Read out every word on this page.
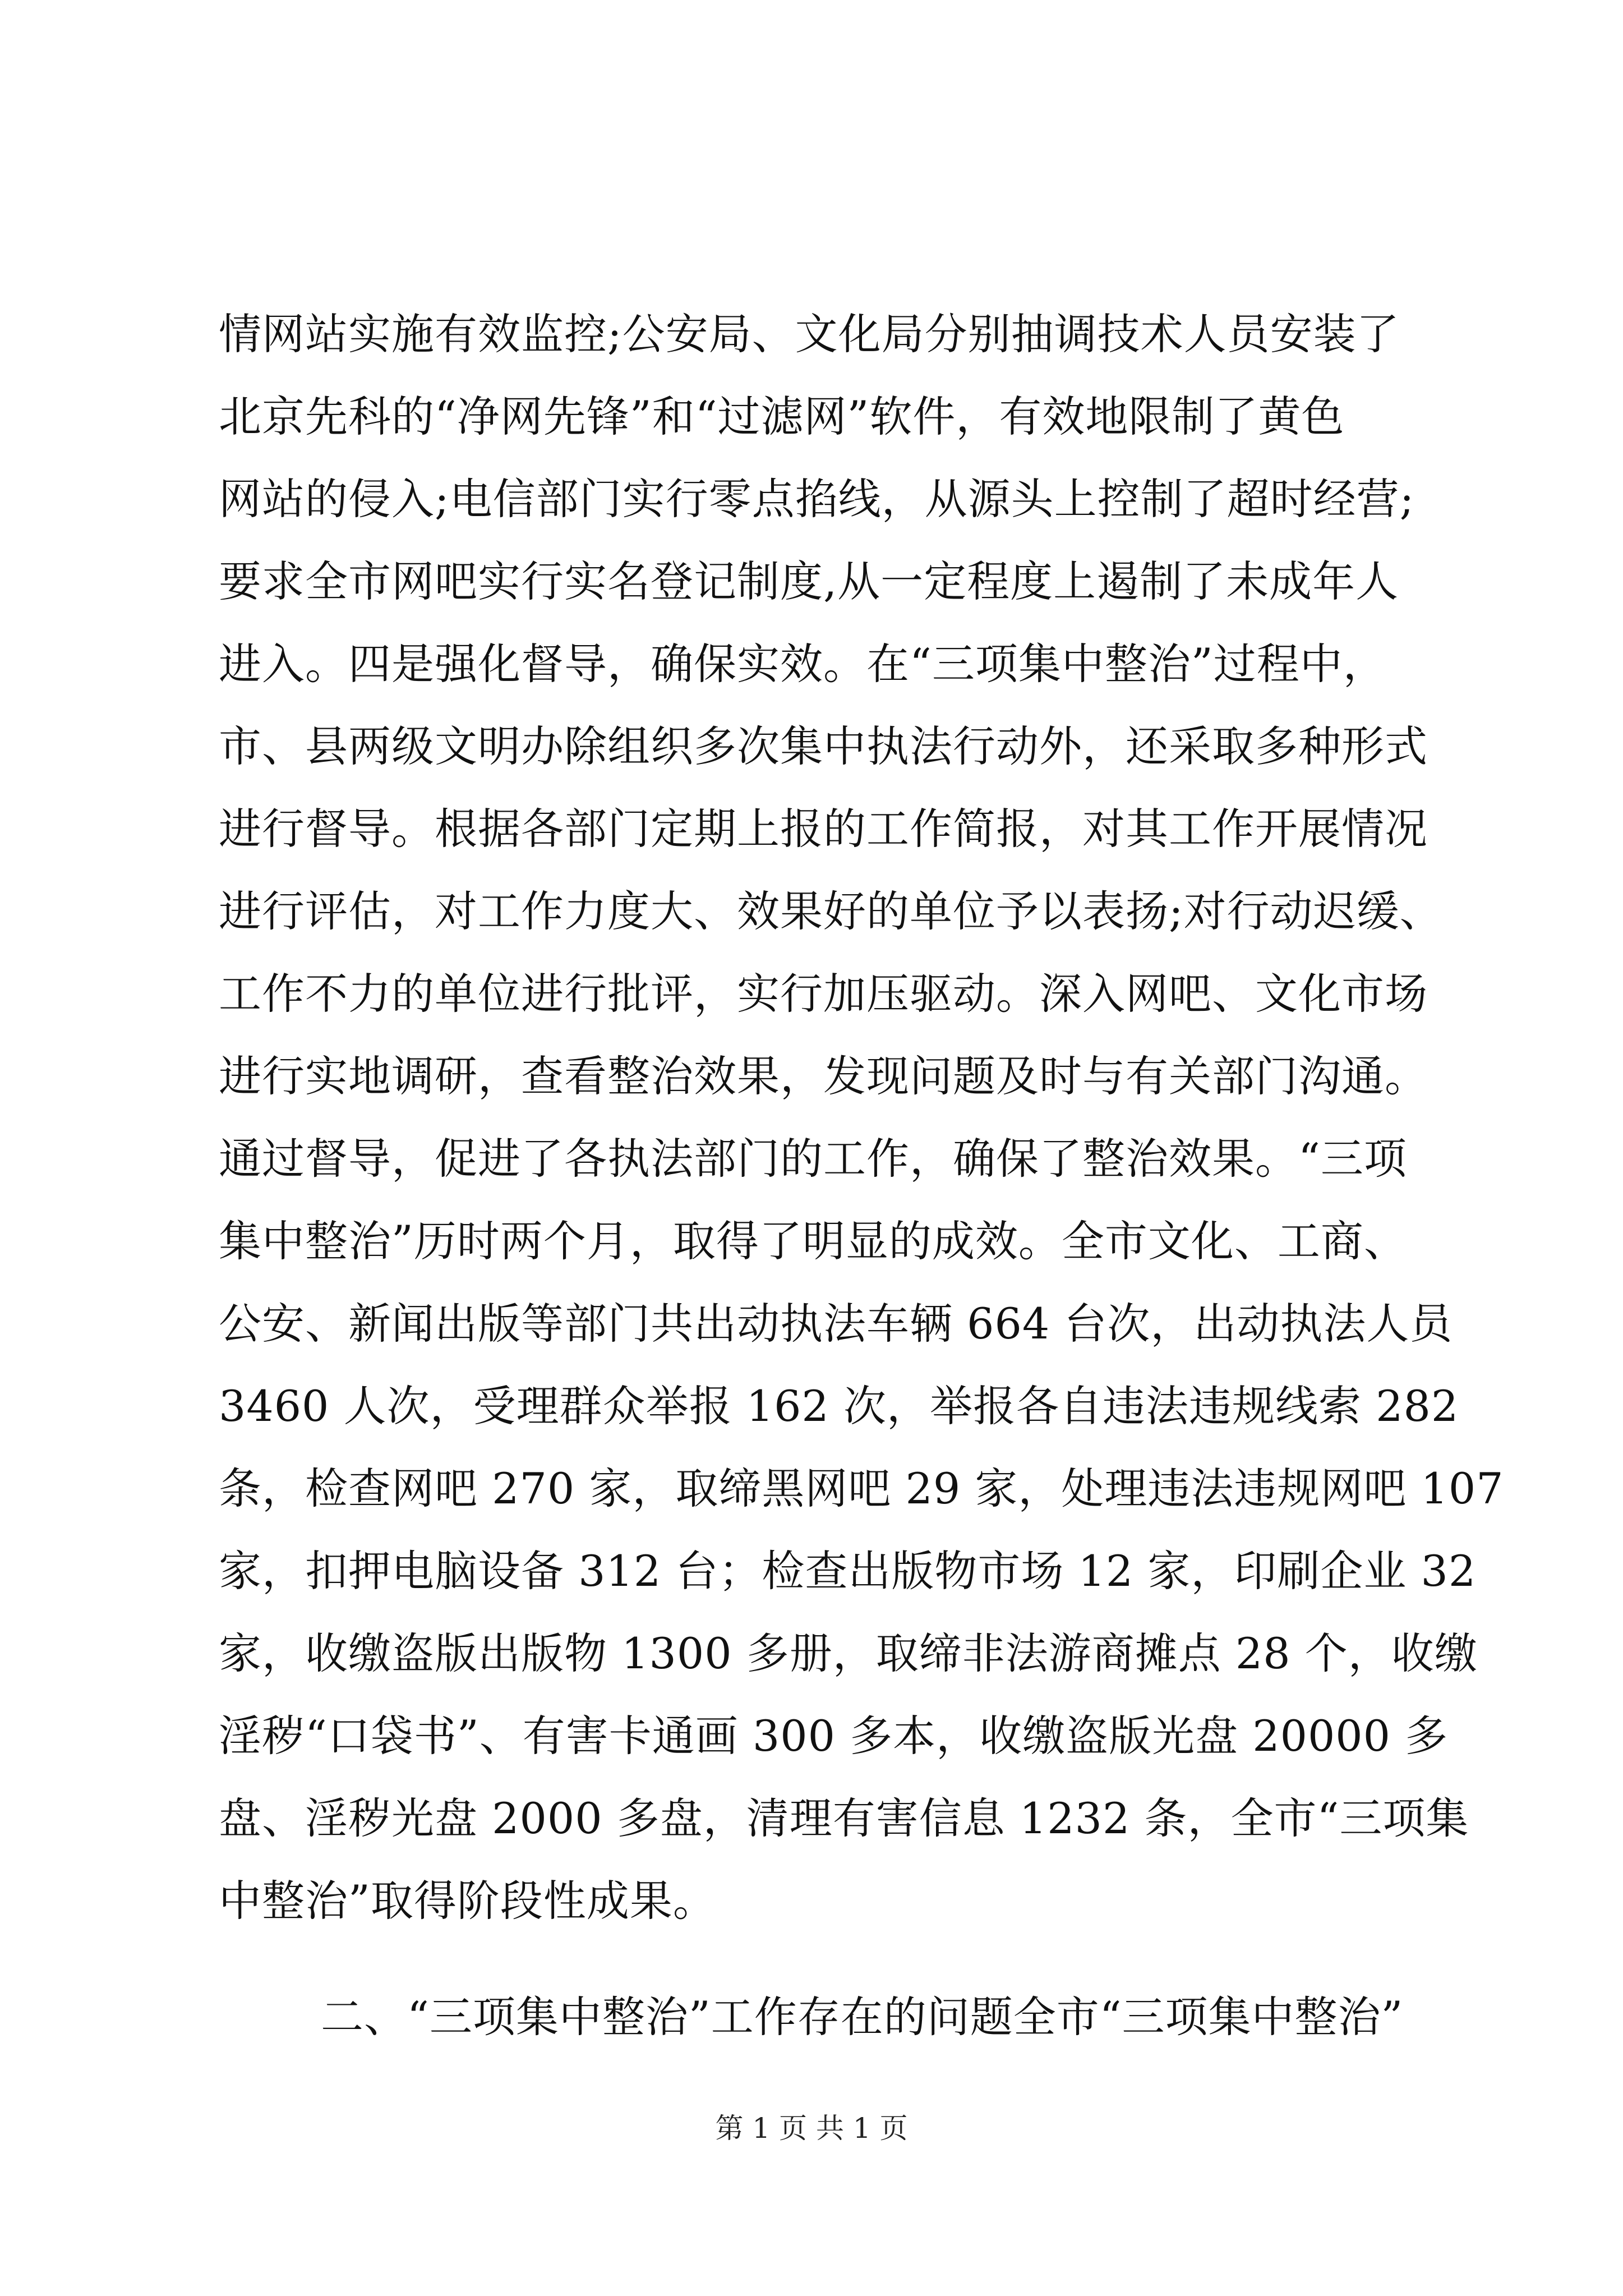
情网站实施有效监控;公安局、文化局分别抽调技术人员安装了
北京先科的“净网先锋”和“过滤网”软件，有效地限制了黄色
网站的侵入;电信部门实行零点掐线，从源头上控制了超时经营;
要求全市网吧实行实名登记制度,从一定程度上遏制了未成年人
进入。四是强化督导，确保实效。在“三项集中整治”过程中，
市、县两级文明办除组织多次集中执法行动外，还采取多种形式
进行督导。根据各部门定期上报的工作简报，对其工作开展情况
进行评估，对工作力度大、效果好的单位予以表扬;对行动迟缓、
工作不力的单位进行批评，实行加压驱动。深入网吧、文化市场
进行实地调研，查看整治效果，发现问题及时与有关部门沟通。
通过督导，促进了各执法部门的工作，确保了整治效果。“三项
集中整治”历时两个月，取得了明显的成效。全市文化、工商、
公安、新闻出版等部门共出动执法车辆 664 台次，出动执法人员
3460 人次，受理群众举报 162 次，举报各自违法违规线索 282
条，检查网吧 270 家，取缔黑网吧 29 家，处理违法违规网吧 107
家，扣押电脑设备 312 台；检查出版物市场 12 家，印刷企业 32
家，收缴盗版出版物 1300 多册，取缔非法游商摊点 28 个，收缴
淫秽“口袋书”、有害卡通画 300 多本，收缴盗版光盘 20000 多
盘、淫秽光盘 2000 多盘，清理有害信息 1232 条，全市“三项集
中整治”取得阶段性成果。
二、“三项集中整治”工作存在的问题全市“三项集中整治”
第 1 页 共 1 页
